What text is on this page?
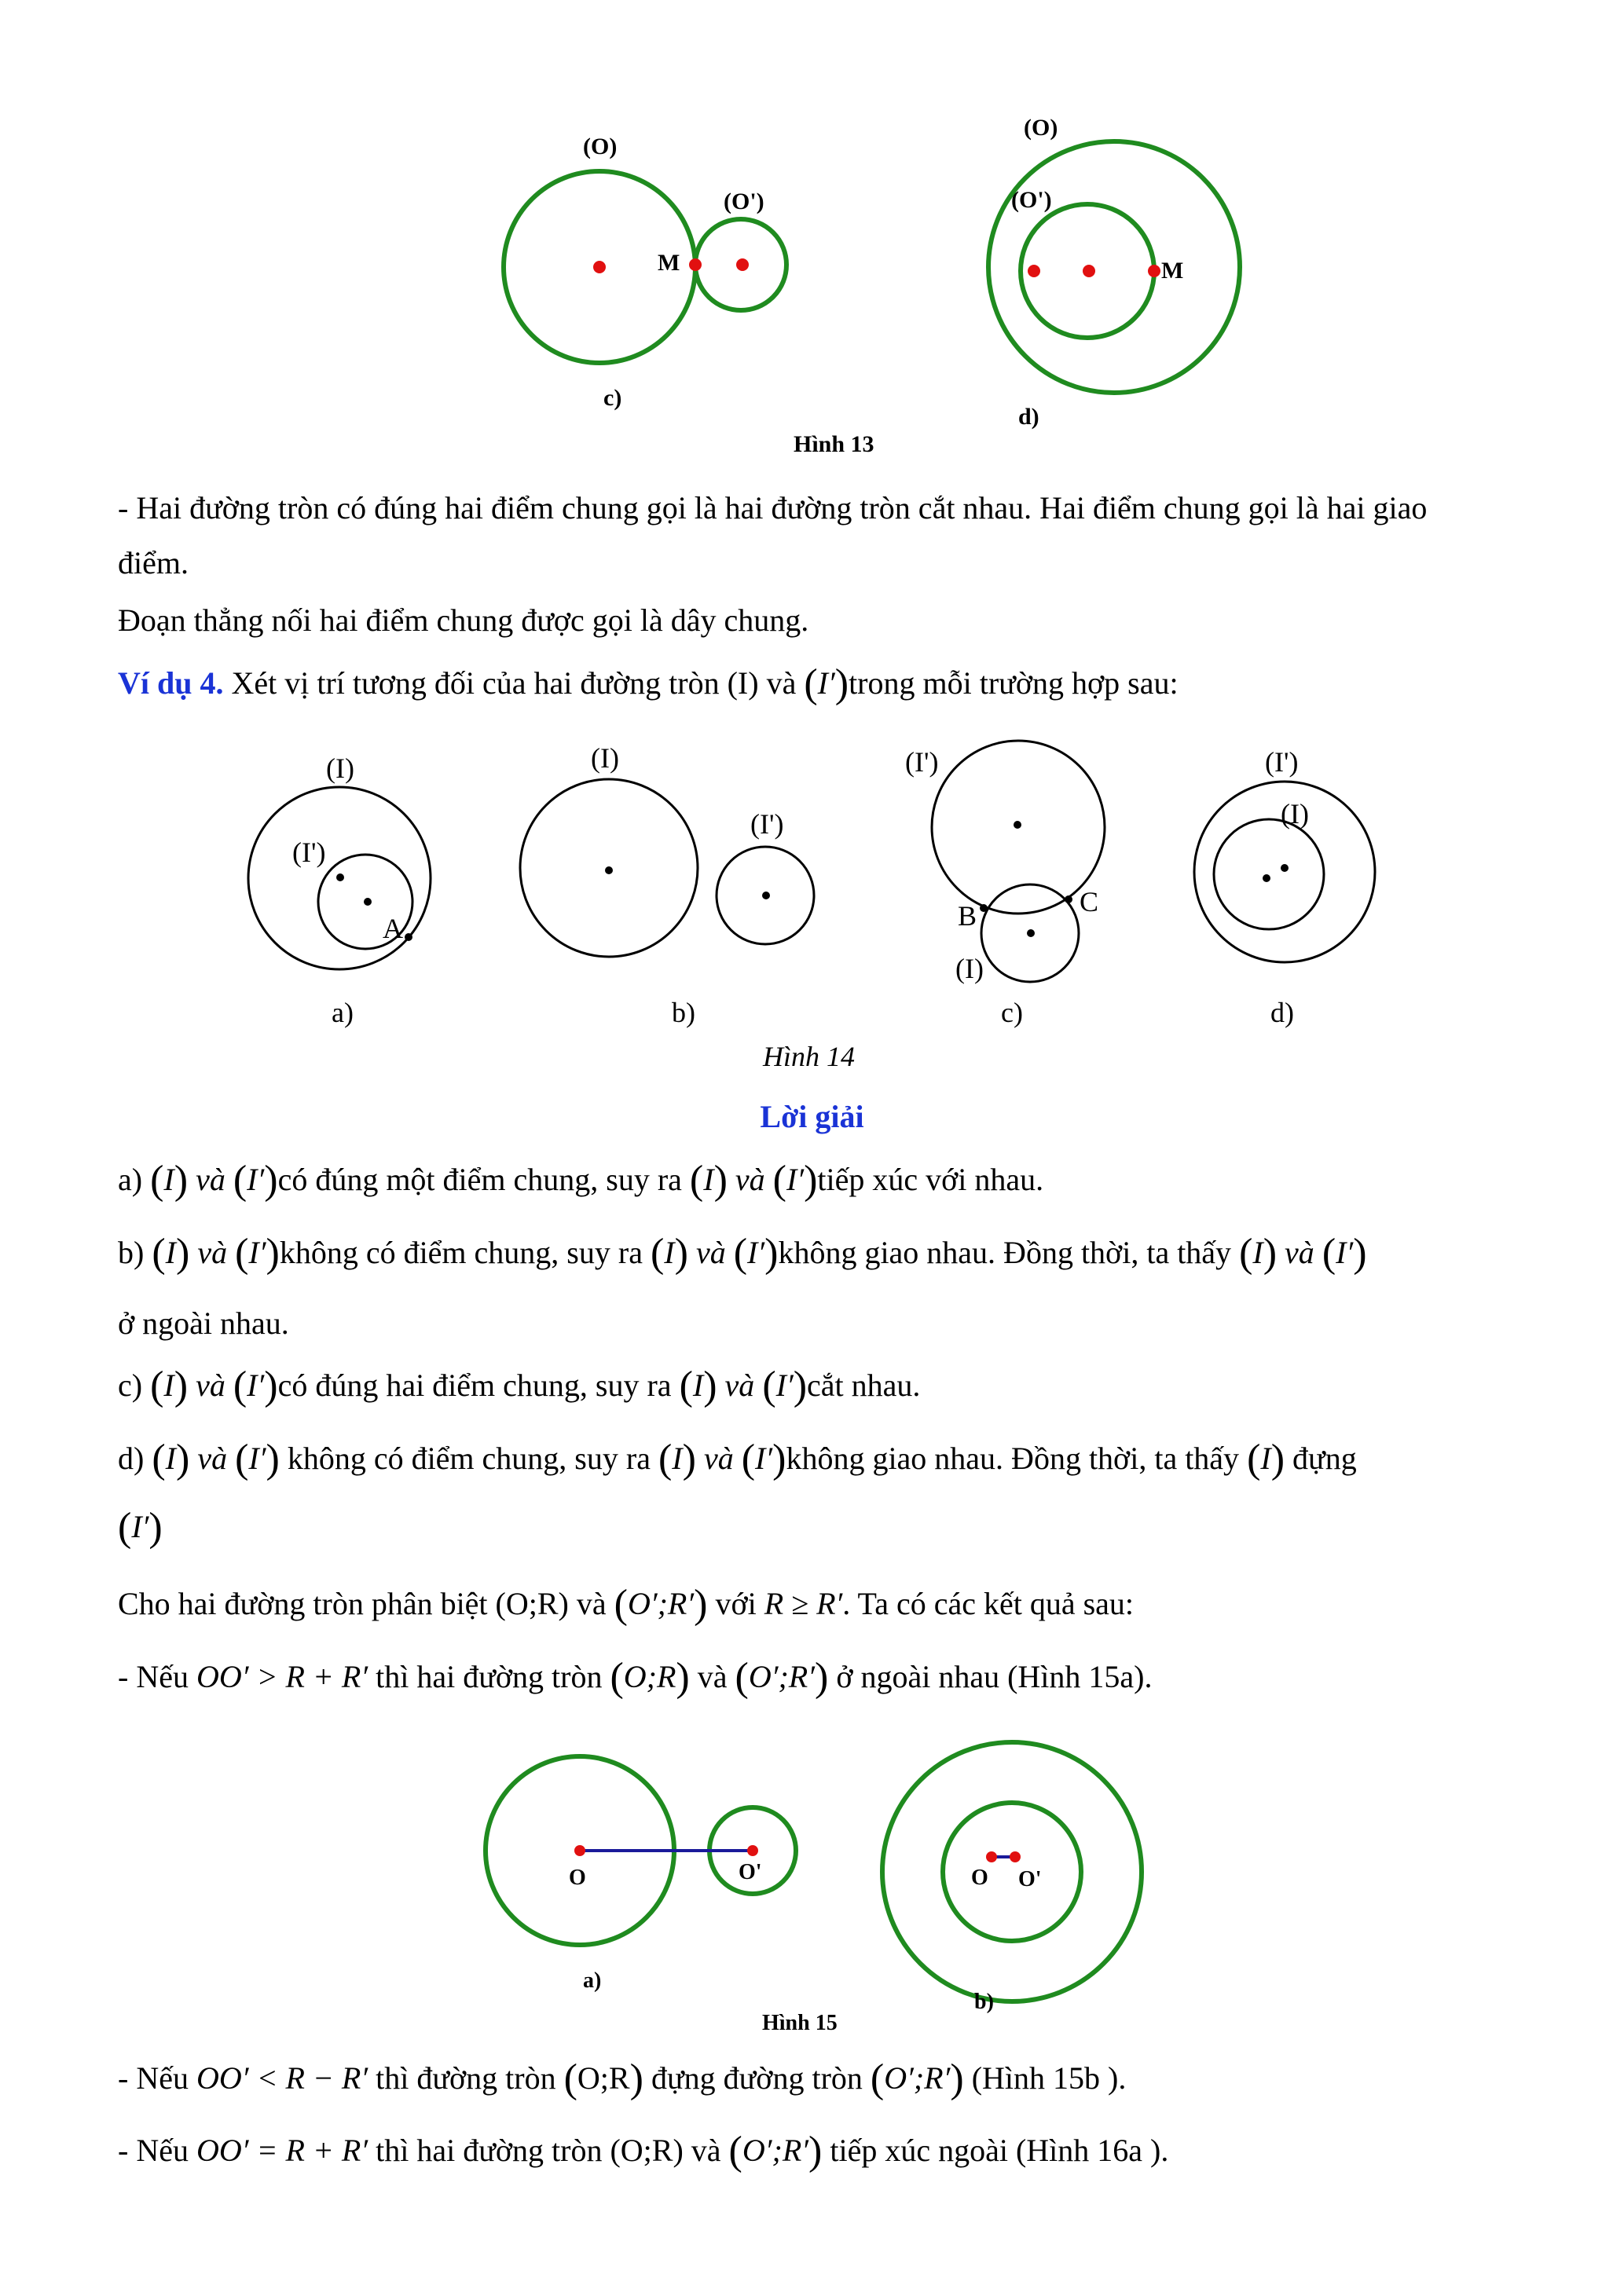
(O)
(O')
M
c)
(O)
(O')
M
d)
Hình 13
(I)
(I')
A
a)
(I)
(I')
b)
(I')
B	C
(I)
c)
(I')
(I)
d)
Hình 14
O	O'
a)
O O'
b)
Hình 15
- Hai đường tròn có đúng hai điểm chung gọi là hai đường tròn cắt nhau. Hai điểm chung gọi là hai giao
điểm.
Đoạn thẳng nối hai điểm chung được gọi là dây chung.
Ví dụ 4. Xét vị trí tương đối của hai đường tròn (I) và (I′)trong mỗi trường hợp sau:
Lời giải
a) (I) và (I′)có đúng một điểm chung, suy ra (I) và (I′)tiếp xúc với nhau.
b) (I) và (I′)không có điểm chung, suy ra (I) và (I′)không giao nhau. Đồng thời, ta thấy (I) và (I′)
ở ngoài nhau.
c) (I) và (I′)có đúng hai điểm chung, suy ra (I) và (I′)cắt nhau.
d) (I) và (I′) không có điểm chung, suy ra (I) và (I′)không giao nhau. Đồng thời, ta thấy (I) đựng
(I′)
Cho hai đường tròn phân biệt (O;R) và (O′;R′) với R ≥ R′. Ta có các kết quả sau:
- Nếu OO′ > R + R′ thì hai đường tròn (O;R) và (O′;R′) ở ngoài nhau (Hình 15a).
- Nếu OO′ < R − R′ thì đường tròn (O;R) đựng đường tròn (O′;R′) (Hình 15b ).
- Nếu OO′ = R + R′ thì hai đường tròn (O;R) và (O′;R′) tiếp xúc ngoài (Hình 16a ).
